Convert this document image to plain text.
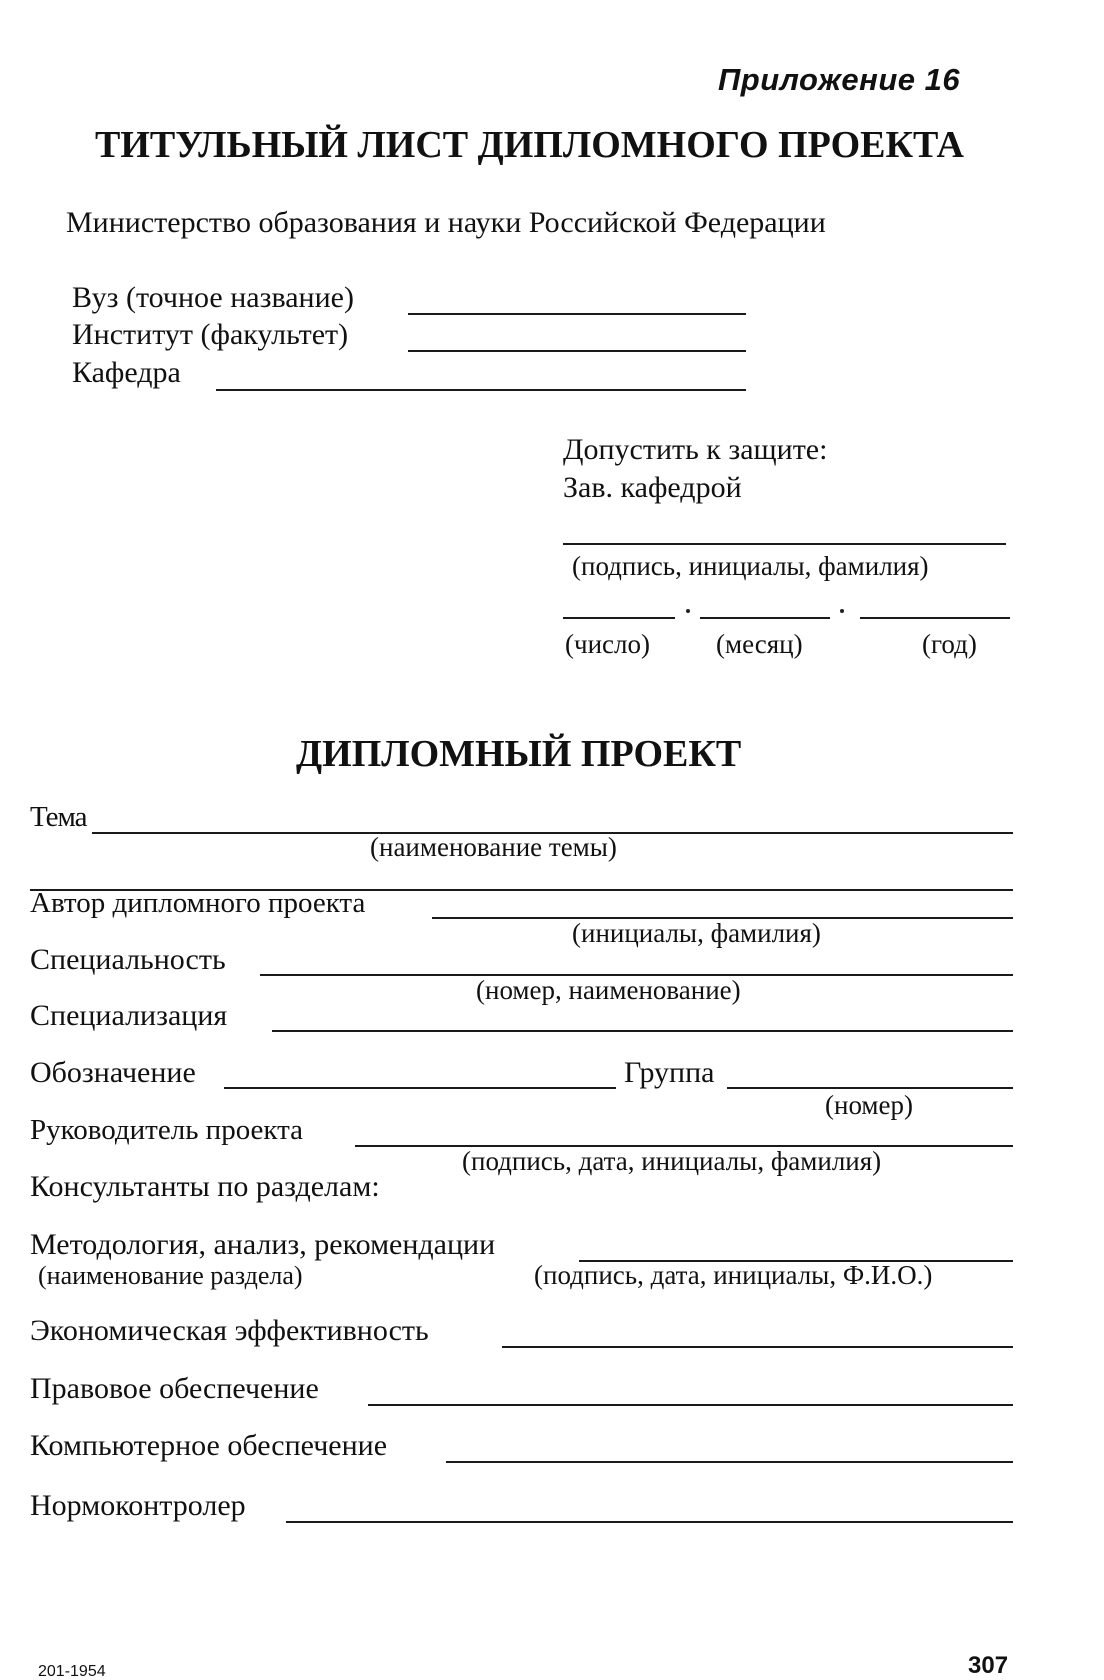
Приложение 16
ТИТУЛЬНЫЙ ЛИСТ ДИПЛОМНОГО ПРОЕКТА
Министерство образования и науки Российской Федерации
Вуз (точное название)
Институт (факультет)
Кафедра
Допустить к защите:
Зав. кафедрой
(подпись, инициалы, фамилия)
(число) (месяц)	(год)
ДИПЛОМНЫЙ ПРОЕКТ
Тема
(наименование темы)
Автор дипломного проекта
(инициалы, фамилия)
Специальность
(номер, наименование)
Специализация
Обозначение	Группа
(номер)
Руководитель проекта
(подпись, дата, инициалы, фамилия)
Консультанты по разделам:
Методология, анализ, рекомендации
(наименование раздела)	(подпись, дата, инициалы, Ф.И.О.)
Экономическая эффективность
Правовое обеспечение
Компьютерное обеспечение
Нормоконтролер
201-1954	307
